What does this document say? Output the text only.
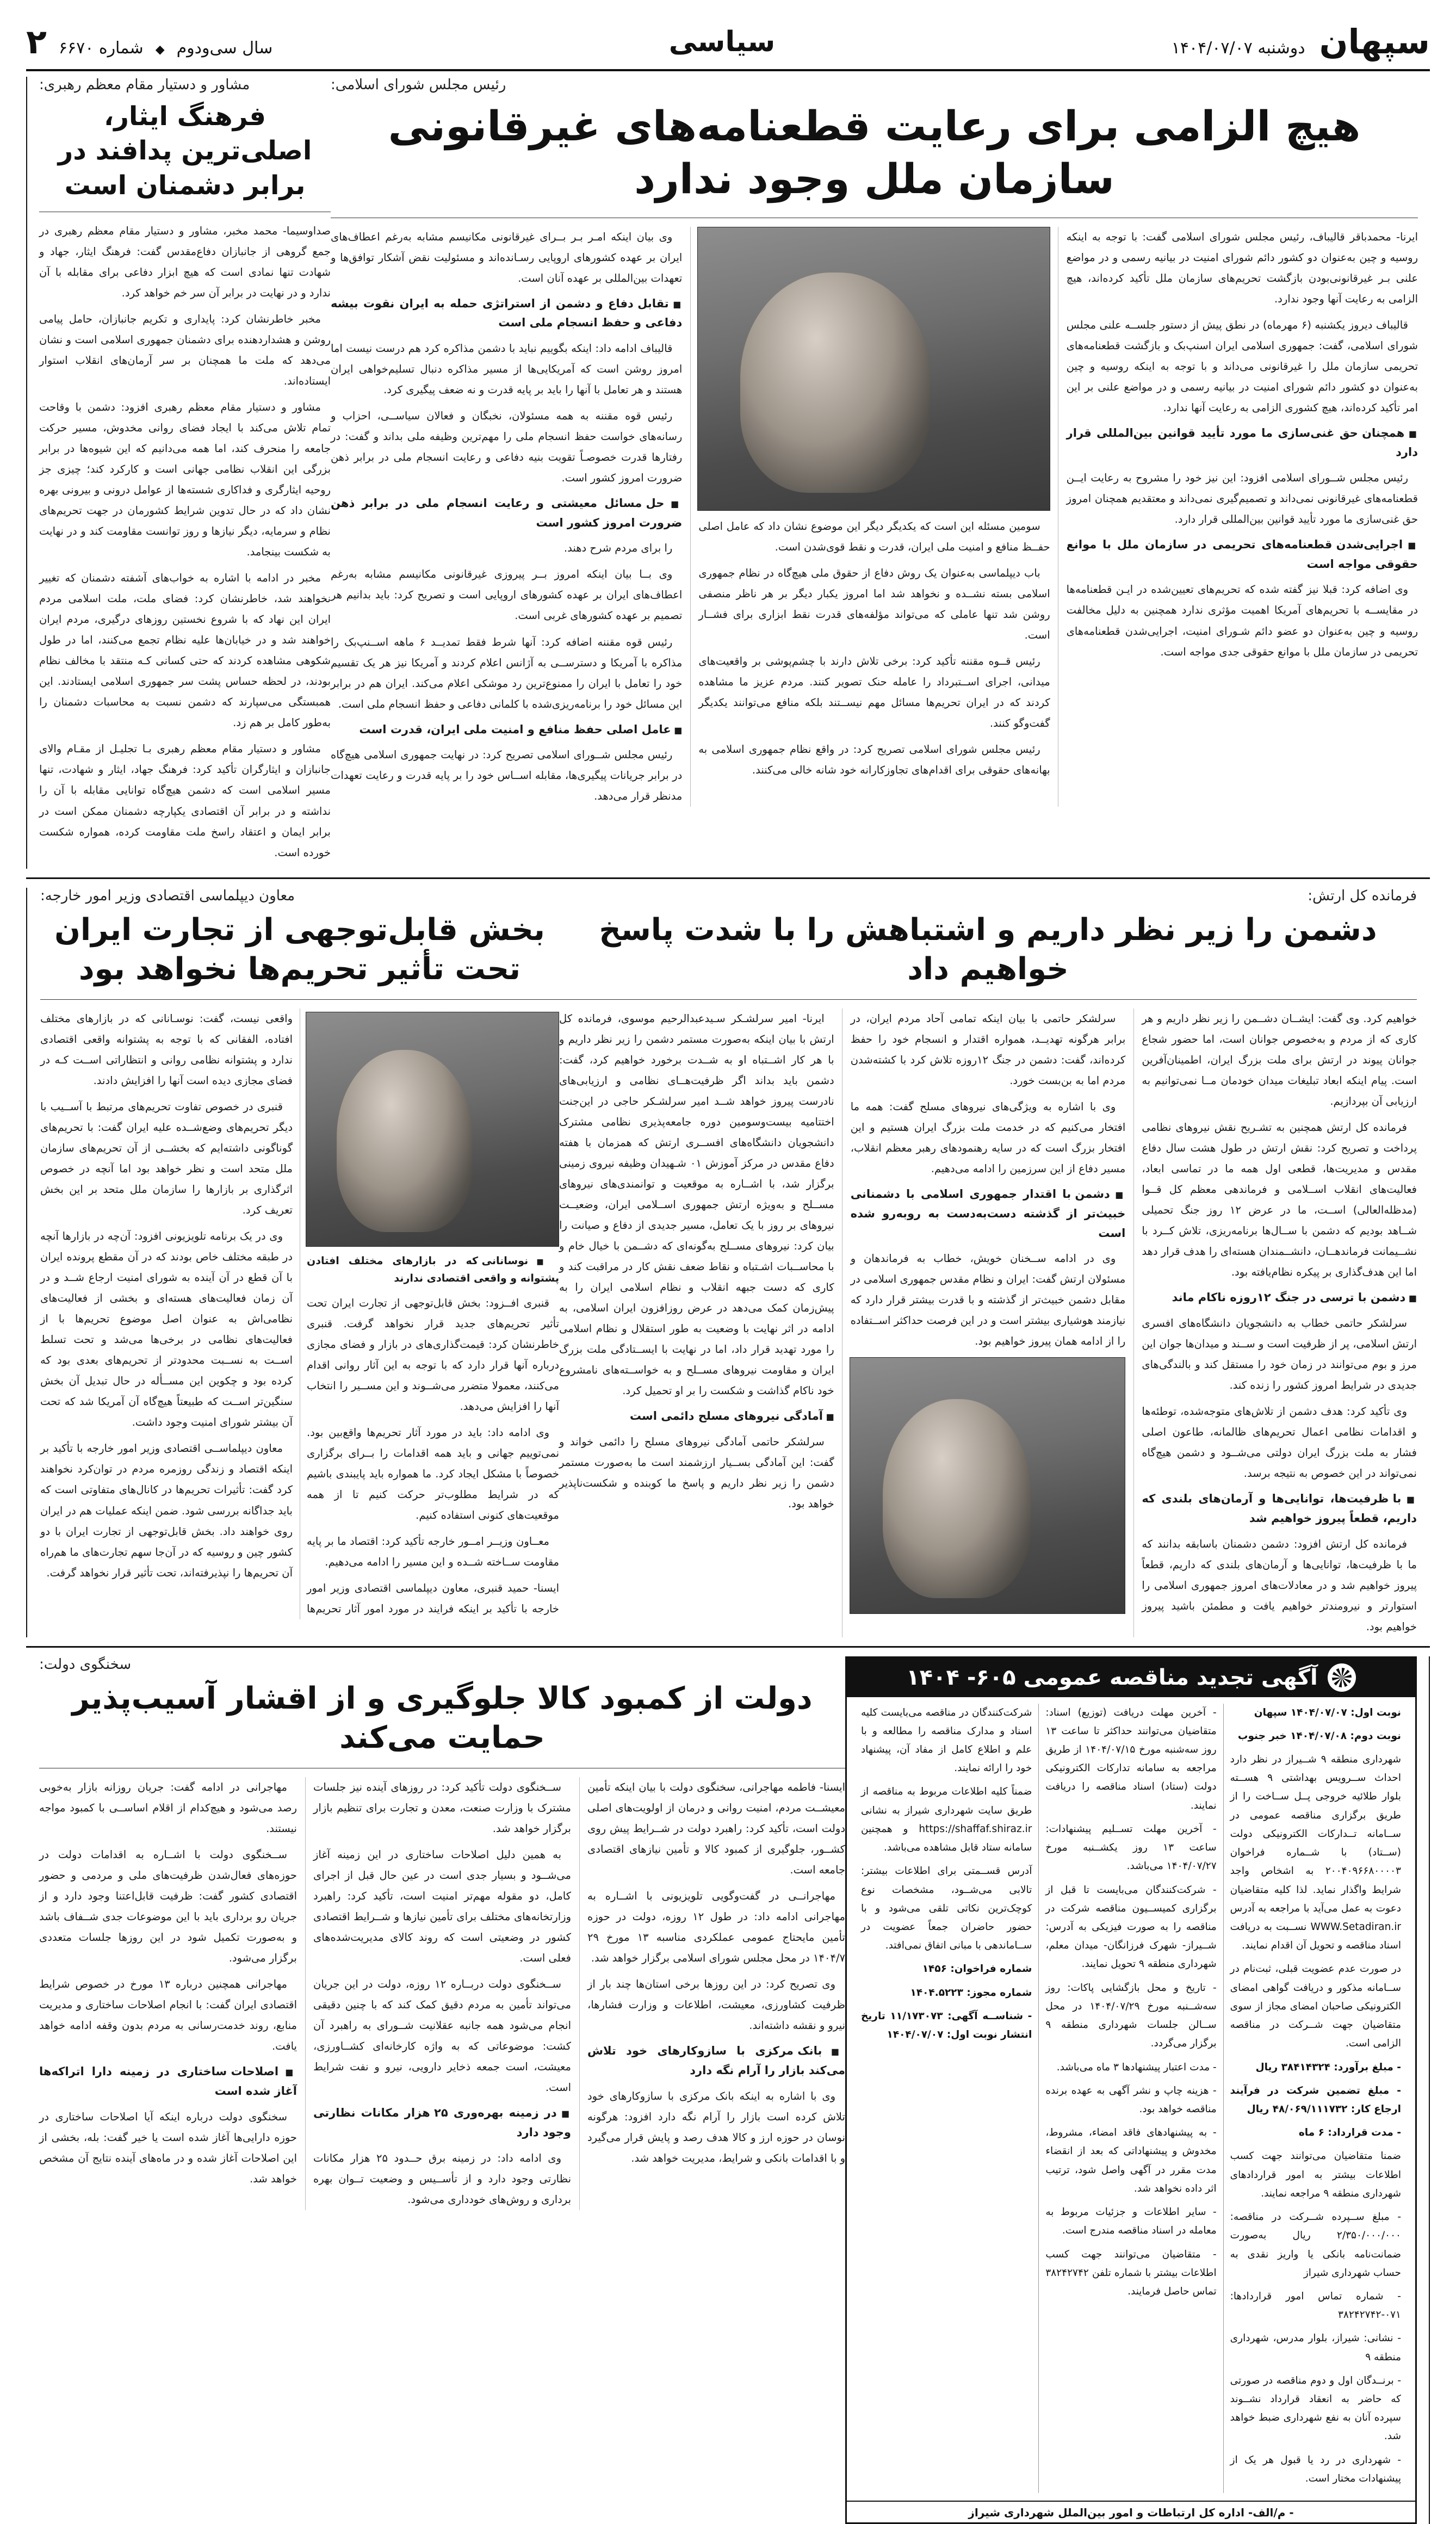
سپهان
دوشنبه ۱۴۰۴/۰۷/۰۷
سیاسی
سال سی‌ودوم
◆
شماره ۶۶۷۰
۲
رئیس مجلس شورای اسلامی:
هیچ الزامی برای رعایت قطعنامه‌های غیرقانونی سازمان ملل وجود ندارد

ایرنا- محمدباقر قالیباف، رئیس مجلس شورای اسلامی گفت: با توجه به اینکه روسیه و چین به‌عنوان دو کشور دائم شورای امنیت در بیانیه رسمی و در مواضع علنی بـر غیرقانونی‌بودن بازگشت تحریم‌های سازمان ملل تأکید کرده‌اند، هیچ الزامی به رعایت آنها وجود ندارد.

قالیباف دیروز یکشنبه (۶ مهرماه) در نطق پیش از دستور جلســه علنی مجلس شورای اسلامی، گفت: جمهوری اسلامی ایران اسنپ‌بک و بازگشت قطعنامه‌های تحریمی سازمان ملل را غیرقانونی می‌داند و با توجه به اینکه روسیه و چین به‌عنوان دو کشور دائم شورای امنیت در بیانیه رسمی و در مواضع علنی بر این امر تأکید کرده‌اند، هیچ کشوری الزامی به رعایت آنها ندارد.

■ همچنان حق غنی‌سازی ما مورد تأیید قوانین بین‌المللی قرار دارد

رئیس مجلس شــورای اسلامی افزود: این نیز خود را مشروح به رعایت ایــن قطعنامه‌های غیرقانونی نمی‌داند و تصمیم‌گیری نمی‌داند و معتقدیم همچنان امروز حق غنی‌سازی ما مورد تأیید قوانین بین‌المللی قرار دارد.

■ اجرایی‌شدن قطعنامه‌های تحریمی در سازمان ملل با موانع حقوقی مواجه است

وی اضافه کرد: قبلا نیز گفته شده که تحریم‌های تعیین‌شده در ایـن قطعنامه‌ها در مقایســه با تحریم‌های آمریکا اهمیت مؤثری ندارد همچنین به دلیل مخالفت روسیه و چین به‌عنوان دو عضو دائم شـورای امنیت، اجرایی‌شدن قطعنامه‌های تحریمی در سازمان ملل با موانع حقوقی جدی مواجه است.

سومین مسئله این است که یکدیگر دیگر این موضوع نشان داد که عامل اصلی حفــظ منافع و امنیت ملی ایران، قدرت و نقط قوی‌شدن است.

باب دیپلماسی به‌عنوان یک روش دفاع از حقوق ملی هیچ‌گاه در نظام جمهوری اسلامی بسته نشــده و نخواهد شد اما امروز یکبار دیگر بر هر ناظر منصفی روشن شد تنها عاملی که می‌تواند مؤلفه‌های قدرت نقط ابزاری برای فشــار است.

رئیس قــوه مقننه تأکید کرد: برخی تلاش دارند با چشم‌پوشی بر واقعیت‌های میدانی، اجرای اســتبرداد را عامله حنک تصویر کنند. مردم عزیز ما مشاهده کردند که در ایران تحریم‌ها مسائل مهم نیســتند بلکه منافع می‌توانند یکدیگر گفت‌وگو کنند.

رئیس مجلس شورای اسلامی تصریح کرد: در واقع نظام جمهوری اسلامی به بهانه‌های حقوقی برای اقدام‌های تجاوزکارانه خود شانه خالی می‌کنند.

وی بیان اینکه امـر بـر بــرای غیرقانونی مکانیسم مشابه به‌رغم اعطاف‌های ایران بر عهده کشورهای اروپایی رسـانده‌اند و مسئولیت نقض آشکار توافق‌ها و تعهدات بین‌المللی بر عهده آنان است.

■ تقابل دفاع و دشمن از استراتژی حمله به ایران نقوت بیشه دفاعی و حفظ انسجام ملی است

قالیباف ادامه داد: اینکه بگوییم نباید با دشمن مذاکره کرد هم درست نیست اما امروز روشن است که آمریکایی‌ها از مسیر مذاکره دنبال تسلیم‌خواهی ایران هستند و هر تعامل با آنها را باید بر پایه قدرت و نه ضعف پیگیری کرد.

رئیس قوه مقننه به همه مسئولان، نخبگان و فعالان سیاســی، احزاب و رسانه‌های خواست حفظ انسجام ملی را مهم‌ترین وظیفه ملی بداند و گفت: در رفتارها قدرت خصوصـاً تقویت بنیه دفاعی و رعایت انسجام ملی در برابر ذهن ضرورت امروز کشور است.

■ حل مسائل معیشتی و رعایت انسجام ملی در برابر ذهن ضرورت امروز کشور است

را برای مردم شرح دهند.

وی بــا بیان اینکه امروز بــر پیروزی غیرقانونی مکانیسم مشابه به‌رغم اعطاف‌های ایران بر عهده کشورهای اروپایی است و تصریح کرد: باید بدانیم هر تصمیم بر عهده کشورهای غربی است.

رئیس قوه مقننه اضافه کرد: آنها شرط فقط تمدیــد ۶ ماهه اســنپ‌بک را مذاکره با آمریکا و دسترســی به آژانس اعلام کردند و آمریکا نیز هر یک تقسیم خود را تعامل با ایران را ممنوع‌ترین رد موشکی اعلام می‌کند. ایران هم در برابر این مسائل خود را برنامه‌ریزی‌شده با کلمانی دفاعی و حفظ انسجام ملی است.

■ عامل اصلی حفظ منافع و امنیت ملی ایران، قدرت است

رئیس مجلس شــورای اسلامی تصریح کرد: در نهایت جمهوری اسلامی هیچ‌گاه در برابر جریانات پیگیری‌ها، مقابله اســاس خود را بر پایه قدرت و رعایت تعهدات مدنظر قرار می‌دهد.

مشاور و دستیار مقام معظم رهبری:
فرهنگ ایثار، اصلی‌ترین پدافند در برابر دشمنان است

صداوسیما- محمد مخبر، مشاور و دستیار مقام معظم رهبری در جمع گروهی از جانبازان دفاع‌مقدس گفت: فرهنگ ایثار، جهاد و شهادت تنها نمادی است که هیچ ابزار دفاعی برای مقابله با آن ندارد و در نهایت در برابر آن سر خم خواهد کرد.

مخبر خاطرنشان کرد: پایداری و تکریم جانبازان، حامل پیامی روشن و هشداردهنده برای دشمنان جمهوری اسلامی است و نشان می‌دهد که ملت ما همچنان بر سر آرمان‌های انقلاب استوار ایستاده‌اند.

مشاور و دستیار مقام معظم رهبری افزود: دشمن با وقاحت تمام تلاش می‌کند با ایجاد فضای روانی مخدوش، مسیر حرکت جامعه را منحرف کند، اما همه می‌دانیم که این شیوه‌ها در برابر بزرگی این انقلاب نظامی جهانی است‌ و کارکرد کند؛ چیزی جز روحیه ایثارگری و فداکاری شسته‌ها از عوامل درونی و بیرونی بهره نشان داد که در حال تدوین شرایط کشورمان در جهت تحریم‌های نظام و سرمایه، دیگر نیازها و روز توانست مقاومت کند و در نهایت به شکست بینجامد.

مخبر در ادامه با اشاره به خواب‌های آشفته دشمنان که تغییر نخواهند شد، خاطرنشان کرد: فضای ملت، ملت اسلامی مردم ایران این نهاد که با شروع نخستین روزهای درگیری، مردم ایران خواهند شد و در خیابان‌ها علیه نظام تجمع می‌کنند، اما در طول شکوهی مشاهده کردند که حتی کسانی کـه منتقد با مخالف نظام بودند، در لحظه حساس پشت سر جمهوری اسلامی ایستادند. این همبستگی می‌سپارند که دشمن نسبت به محاسبات دشمنان را به‌طور کامل بر هم زد.

مشاور و دستیار مقام معظم رهبری بـا تجلیـل از مقـام والای جانبازان و ایثارگران تأکید کرد: فرهنگ جهاد، ایثار و شهادت، تنها مسیر اسلامی است که دشمن هیچ‌گاه توانایی مقابله با آن را نداشته و در برابر آن اقتصادی یکپارچه دشمنان ممکن است در برابر ایمان و اعتقاد راسخ ملت مقاومت کرده، همواره شکست خورده است.

فرمانده کل ارتش:
دشمن را زیر نظر داریم و اشتباهش را با شدت پاسخ خواهیم داد

خواهیم کرد. وی گفت: ایشــان دشــمن را زیر نظر داریم و هر کاری که از مردم و به‌خصوص جوانان است، اما حضور شجاع جوانان پیوند در ارتش برای ملت بزرگ ایران، اطمینان‌آفرین است. پیام اینکه ابعاد تبلیغات میدان خودمان مــا نمی‌توانیم به ارزیابی آن بپردازیم.

فرمانده کل ارتش همچنین به تشـریح نقش نیروهای نظامی پرداخت و تصریح کرد: نقش ارتش در طول هشت سال دفاع مقدس و مدیریت‌ها، قطعی اول همه ما در تماسی ابعاد، فعالیت‌های انقلاب اســلامی و فرماندهی معظم کل قــوا (مدظله‌العالی) اســت، ما در عرض ۱۲ روز جنگ تحمیلی شــاهد بودیم که دشمن با ســال‌ها برنامه‌ریزی، تلاش کــرد با نشــیمانت فرماندهــان، دانشــمندان هسته‌ای را هدف قرار دهد اما این هدف‌گذاری بر پیکره نظام‌یافته بود.

■ دشمن با ترسی در جنگ ۱۲روزه ناکام ماند

سرلشکر حاتمی خطاب به دانشجویان دانشگاه‌های افسری ارتش اسلامی، پر از ظرفیت است و ســند و میدان‌ها جوان این مرز و بوم می‌توانند در زمان خود را مستقل کند و بالندگی‌های جدیدی در شرایط امروز کشور را زنده کند.

وی تأکید کرد: هدف دشمن از تلاش‌های متوجه‌شده، توطئه‌ها و اقدامات نظامی اعمال تحریم‌های ظالمانه، طاعون اصلی فشار به ملت بزرگ ایران دولتی می‌شــود و دشمن هیچ‌گاه نمی‌تواند در این خصوص به نتیجه برسد.

■ با ظرفیت‌ها، توانایی‌ها و آرمان‌های بلندی که داریم، قطعاً پیروز خواهیم شد

فرمانده کل ارتش افزود: دشمن دشمنان باسابقه بدانند که ما با ظرفیت‌ها، توانایی‌ها و آرمان‌های بلندی که داریم، قطعاً پیروز خواهیم شد و در معادلات‌های امروز جمهوری اسلامی را استوارتر و نیرومندتر خواهیم یافت و مطمئن باشید پیروز خواهیم بود.

سرلشکر حاتمی با بیان اینکه تمامی آحاد مردم ایران، در برابر هرگونه تهدیــد، همواره اقتدار و انسجام خود را حفظ کرده‌اند، گفت: دشمن در جنگ ۱۲روزه تلاش کرد با کشته‌شدن مردم اما به بن‌بست خورد.

وی با اشاره به ویژگی‌های نیروهای مسلح گفت: همه ما افتخار می‌کنیم که در خدمت ملت بزرگ ایران هستیم و این افتخار بزرگ است که در سایه رهنمودهای رهبر معظم انقلاب، مسیر دفاع از این سرزمین را ادامه می‌دهیم.

■ دشمن با اقتدار جمهوری اسلامی با دشمنانی خبیث‌تر از گذشته دست‌به‌دست به روبه‌رو شده است

وی در ادامه ســخنان خویش، خطاب به فرماندهان و مسئولان ارتش گفت: ایران و نظام مقدس جمهوری اسلامی در مقابل دشمن خبیث‌تر از گذشته و با قدرت بیشتر قرار دارد که نیازمند هوشیاری بیشتر است و در این فرصت حداکثر اســتفاده را از ادامه همان پیروز خواهیم بود.

ایرنا- امیر سرلشـکر سـیدعبدالرحیم موسوی، فرمانده کل ارتش با بیان اینکه به‌صورت مستمر دشمن را زیر نظر داریم و با هر کار اشــتباه او به شــدت برخورد خواهیم کرد، گفت: دشمن باید بداند اگر ظرفیت‌هــای نظامی و ارزیابی‌های نادرست پیروز خواهد شــد امیر سرلشـکر حاجی در این‌جنت اختتامیه بیست‌وسومین دوره جامعه‌پذیری نظامی مشترک دانشجویان دانشگاه‌های افســری ارتش که همزمان با هفته دفاع مقدس در مرکز آموزش ۰۱ شـهیدان وظیفه نیروی زمینی برگزار شد، با اشــاره به موقعیت و توانمندی‌های نیروهای مســلح و به‌ویژه ارتش جمهوری اســلامی ایران، وضعیــت نیروهای بر روز با یک تعامل، مسیر جدیدی از دفاع و صیانت را بیان کرد: نیروهای مســلح به‌گونه‌ای که دشــمن با خیال خام و با محاســبات اشـتباه و نقاط ضعف نقش کار در مراقبت کند و کاری که دست جبهه انقلاب و نظام اسلامی ایران را به پیش‌زمان کمک می‌دهد در عرض روزافزون ایران اسلامی، به ادامه در اثر نهایت با وضعیت به طور استقلال و نظام اسلامی را مورد تهدید قرار داد، اما در نهایت با ایســتادگی ملت بزرگ ایران و مقاومت نیروهای مســلح و به خواســته‌های نامشروع خود ناکام گذاشت و شکست را بر او تحمیل کرد.

■ آمادگی نیروهای مسلح دائمی است

سرلشکر حاتمی آمادگی نیروهای مسلح را دائمی خواند و گفت: این آمادگی بســیار ارزشمند است ما به‌صورت مستمر دشمن را زیر نظر داریم و پاسخ ما کوبنده و شکست‌ناپذیر خواهد بود.

معاون دیپلماسی اقتصادی وزیر امور خارجه:
بخش قابل‌توجهی از تجارت ایران تحت تأثیر تحریم‌ها نخواهد بود

■ نوسانانی که در بازارهای مختلف افتادن پشتوانه و واقعی اقتصادی ندارند

قنبری افــزود: بخش قابل‌توجهی از تجارت ایران تحت تأثیر تحریم‌های جدید قرار نخواهد گرفت. قنبری خاطرنشان کرد: قیمت‌گذاری‌های در بازار و فضای مجازی درباره آنها قرار دارد که با توجه به این آثار روانی اقدام می‌کنند، معمولا متضرر می‌شــوند و این مســیر را انتخاب آنها را افزایش می‌دهد.

وی ادامه داد: باید در مورد آثار تحریم‌ها واقع‌بین بود. نمی‌توییم جهانی و باید همه اقدامات را بــرای برگزاری خصوصاً با مشکل ایجاد کرد. ما همواره باید پایبندی باشیم که در شرایط مطلوب‌تر حرکت کنیم تا از همه موقعیت‌های کنونی استفاده کنیم.

معــاون وزیــر امــور خارجه تأکید کرد: اقتصاد ما بر پایه مقاومت ســاخته شــده و این مسیر را ادامه می‌دهیم.

ایسنا- حمید قنبری، معاون دیپلماسی اقتصادی وزیر امور خارجه با تأکید بر اینکه فرایند در مورد امور آثار تحریم‌ها واقعی نیست، گفت: نوسـانانی که در بازارهای مختلف افتاده، الفقانی که با توجه به پشتوانه واقعی اقتصادی ندارد و پشتوانه نظامی روانی و انتظاراتی اســت کـه در فضای مجازی دیده است آنها را افزایش دادند.

قنبری در خصوص تفاوت تحریم‌های مرتبط با آســیب با دیگر تحریم‌های وضع‌شــده علیه ایران گفت: با تحریم‌های گوناگونی داشته‌ایم که بخشــی از آن تحریم‌های سازمان ملل متحد است و نظر خواهد بود اما آنچه در خصوص اثرگذاری بر بازارها را سازمان ملل متحد بر این بخش تعریف کرد.

وی در یک برنامه تلویزیونی افزود: آن‌چه در بازارها آنچه در طبقه مختلف خاص بودند که در آن مقطع پرونده ایران با آن قطع در آن آینده به شورای امنیت ارجاع شــد و در آن زمان فعالیت‌های هسته‌ای و بخشی از فعالیت‌های نظامی‌اش به عنوان اصل موضوع تحریم‌ها با از فعالیت‌های نظامی در برخی‌ها می‌شد و تحت تسلط اســت به نســبت محدودتر از تحریم‌های بعدی بود که کرده بود و چکوین این مســأله در حال تبدیل آن بخش سنگین‌تر اســت که طبیعتاً هیچ‌گاه آن آمریکا شد که تحت آن بیشتر شورای امنیت وجود داشت.

معاون دیپلماســی اقتصادی وزیر امور خارجه با تأکید بر اینکه اقتصاد و زندگی روزمره مردم در توان‌کرد نخواهند کرد گفت: تأثیرات تحریم‌ها در کانال‌های متفاوتی است که باید جداگانه بررسی شود. ضمن اینکه عملیات هم در ایران روی خواهند داد. بخش قابل‌توجهی از تجارت ایران با دو کشور چین و روسیه که در آن‌جا سهم تجارت‌های ما هم‌راه آن تحریم‌ها را نپذیرفته‌اند، تحت تأثیر قرار نخواهد گرفت.

آگهی تجدید مناقصه عمومی ۶۰۵- ۱۴۰۴

نوبت اول: ۱۴۰۴/۰۷/۰۷ سپهان

نوبت دوم: ۱۴۰۴/۰۷/۰۸ خبر جنوب

شهرداری منطقه ۹ شــیراز در نظر دارد احداث ســرویس بهداشتی ۹ هســته بلوار طلائیه خروجی پــل ســاخت را از طریق برگزاری مناقصه عمومی در ســامانه تــدارکات الکترونیکی دولت (ســتاد) با شــماره فراخوان ۲۰۰۴۰۹۶۶۸۰۰۰۰۳ به اشخاص واجد شرایط واگذار نماید. لذا کلیه متقاضیان دعوت به عمل می‌آید با مراجعه به آدرس WWW.Setadiran.ir نســبت به دریافت اسناد مناقصه و تحویل آن اقدام نمایند.

در صورت عدم عضویت قبلی، ثبت‌نام در ســامانه مذکور و دریافت گواهی امضای الکترونیکی صاحبان امضای مجاز از سوی متقاضیان جهت شــرکت در مناقصه الزامی است.

- مبلغ برآورد: ۳۸۴۱۴۳۲۴ ریال

- مبلغ تضمین شرکت در فرآیند ارجاع کار: ۴۸/۰۶۹/۱۱۱۷۳۲ ریال

- مدت قرارداد: ۶ ماه

ضمنا متقاضیان می‌توانند جهت کسب اطلاعات بیشتر به امور قراردادهای شهرداری منطقه ۹ مراجعه نمایند.

- مبلغ ســپرده شــرکت در مناقصه: ۲/۳۵۰/۰۰۰/۰۰۰ ریال به‌صورت ضمانت‌نامه بانکی یا واریز نقدی به حساب شهرداری شیراز

- شماره تماس امور قراردادها: ۰۷۱-۳۸۲۴۲۷۴۲

- نشانی: شیراز، بلوار مدرس، شهرداری منطقه ۹

- برنــدگان اول و دوم مناقصه در صورتی که حاضر به انعقاد قرارداد نشــوند سپرده آنان به نفع شهرداری ضبط خواهد شد.

- شهرداری در رد یا قبول هر یک از پیشنهادات مختار است.

- آخرین مهلت دریافت (توزیع) اسناد: متقاضیان می‌توانند حداکثر تا ساعت ۱۳ روز سه‌شنبه مورخ ۱۴۰۴/۰۷/۱۵ از طریق مراجعه به سامانه تدارکات الکترونیکی دولت (ستاد) اسناد مناقصه را دریافت نمایند.

- آخرین مهلت تســلیم پیشنهادات: ساعت ۱۳ روز یکشــنبه مورخ ۱۴۰۴/۰۷/۲۷ می‌باشد.

- شرکت‌کنندگان می‌بایست تا قبل از برگزاری کمیســیون مناقصه شرکت در مناقصه را به صورت فیزیکی به آدرس: شــیراز- شهرک فرزانگان- میدان معلم، شهرداری منطقه ۹ تحویل نمایند.

- تاریخ و محل بازگشایی پاکات: روز سه‌شــنبه مورخ ۱۴۰۴/۰۷/۲۹ در محل ســالن جلسات شهرداری منطقه ۹ برگزار می‌گردد.

- مدت اعتبار پیشنهادها ۳ ماه می‌باشد.

- هزینه چاپ و نشر آگهی به عهده برنده مناقصه خواهد بود.

- به پیشنهادهای فاقد امضاء، مشروط، مخدوش و پیشنهاداتی که بعد از انقضاء مدت مقرر در آگهی واصل شود، ترتیب اثر داده نخواهد شد.

- سایر اطلاعات و جزئیات مربوط به معامله در اسناد مناقصه مندرج است.

- متقاضیان می‌توانند جهت کسب اطلاعات بیشتر با شماره تلفن ۳۸۲۴۲۷۴۲ تماس حاصل فرمایند.

شرکت‌کنندگان در مناقصه می‌بایست کلیه اسناد و مدارک مناقصه را مطالعه و با علم و اطلاع کامل از مفاد آن، پیشنهاد خود را ارائه نمایند.

ضمناً کلیه اطلاعات مربوط به مناقصه از طریق سایت شهرداری شیراز به نشانی https://shaffaf.shiraz.ir و همچنین سامانه ستاد قابل مشاهده می‌باشد.

آدرس قســمتی برای اطلاعات بیشتر: تالابی می‌شــود، مشخصات نوع کوچک‌ترین نکاتی تلقی می‌شود و با حضور حاضران جمعاً عضویت در ســاماندهی با مبانی اتفاق نمی‌افتد.

شماره فراخوان: ۱۴۵۶

شماره مجوز: ۱۴۰۴.۵۲۲۳

- شناســه آگهی: ۱۱/۱۷۳۰۷۳ تاریخ انتشار نوبت اول: ۱۴۰۴/۰۷/۰۷

- م/الف- اداره کل ارتباطات و امور بین‌الملل شهرداری شیراز
سخنگوی دولت:
دولت از کمبود کالا جلوگیری و از اقشار آسیب‌پذیر حمایت می‌کند

ایسنا- فاطمه مهاجرانی، سخنگوی دولت با بیان اینکه تأمین معیشــت مردم، امنیت روانی و درمان از اولویت‌های اصلی دولت است، تأکید کرد: راهبرد دولت در شــرایط پیش روی کشــور، جلوگیری از کمبود کالا و تأمین نیازهای اقتصادی جامعه است.

مهاجرانــی در گفت‌وگویی تلویزیونی با اشــاره به مهاجرانی ادامه داد: در طول ۱۲ روزه، دولت در حوزه تأمین مایحتاج عمومی عملکردی مناسبه ۱۳ مورخ ۲۹ ۱۴۰۴/۷ در محل مجلس شورای اسلامی برگزار خواهد شد.

وی تصریح کرد: در این روزها برخی استان‌ها چند بار از ظرفیت کشاورزی، معیشت، اطلاعات و وزارت فشار‌ها، نیرو و نقشه داشته‌اند.

■ بانک مرکزی با سازوکارهای خود تلاش می‌کند بازار را آرام نگه دارد

وی با اشاره به اینکه بانک مرکزی با سازوکارهای خود تلاش کرده است بازار را آرام نگه دارد افزود: هرگونه نوسان در حوزه ارز و کالا هدف رصد و پایش قرار می‌گیرد و با اقدامات بانکی و شرایط، مدیریت خواهد شد.

ســخنگوی دولت تأکید کرد: در روزهای آینده نیز جلسات مشترک با وزارت صنعت، معدن و تجارت برای تنظیم بازار برگزار خواهد شد.

به همین دلیل اصلاحات ساختاری در این زمینه آغاز می‌شــود و بسیار جدی است در عین حال قبل از اجرای کامل، دو مقوله مهم‌تر امنیت است، تأکید کرد: راهبرد وزارتخانه‌های مختلف برای تأمین نیازها و شــرایط اقتصادی کشور در وضعیتی است که روند کالای مدیریت‌شده‌های فعلی است.

ســخنگوی دولت دربــاره ۱۲ روزه، دولت در این جریان می‌تواند تأمین به مردم دقیق کمک کند که با چنین دقیقی انجام می‌شود همه جانبه عقلانیت شــورای به راهبرد آن کشت: موضوعاتی که به واژه کارخانه‌ای کشــاورزی، معیشت، است جمعه ذخایر دارویی، نیرو و نفت شرایط است.

■ در زمینه بهره‌وری ۲۵ هزار مکانات نظارتی وجود دارد

وی ادامه داد: در زمینه برق حــدود ۲۵ هزار مکانات نظارتی وجود دارد و از تأســیس و وضعیت تــوان بهره برداری و روش‌های خودداری می‌شود.

مهاجرانی در ادامه گفت: جریان روزانه بازار به‌خوبی رصد می‌شود و هیچ‌کدام از اقلام اساســی با کمبود مواجه نیستند.

ســخنگوی دولت با اشــاره به اقدامات دولت در حوزه‌های فعال‌شدن ظرفیت‌های ملی و مردمی و حضور اقتصادی کشور گفت: ظرفیت قابل‌اعتنا وجود دارد و از جریان رو برداری باید با این موضوعات جدی شــفاف باشد و به‌صورت تکمیل شود در این روزها جلسات متعددی برگزار می‌شود.

مهاجرانی همچنین درباره ۱۳ مورخ در خصوص شرایط اقتصادی ایران گفت: با انجام اصلاحات ساختاری و مدیریت منابع، روند خدمت‌رسانی به مردم بدون وقفه ادامه خواهد یافت.

■ اصلاحات ساختاری در زمینه دارا اتراکه‌ها آغاز شده است

سخنگوی دولت درباره اینکه آیا اصلاحات ساختاری در حوزه دارایی‌ها آغاز شده است یا خیر گفت: بله، بخشی از این اصلاحات آغاز شده و در ماه‌های آینده نتایج آن مشخص خواهد شد.
